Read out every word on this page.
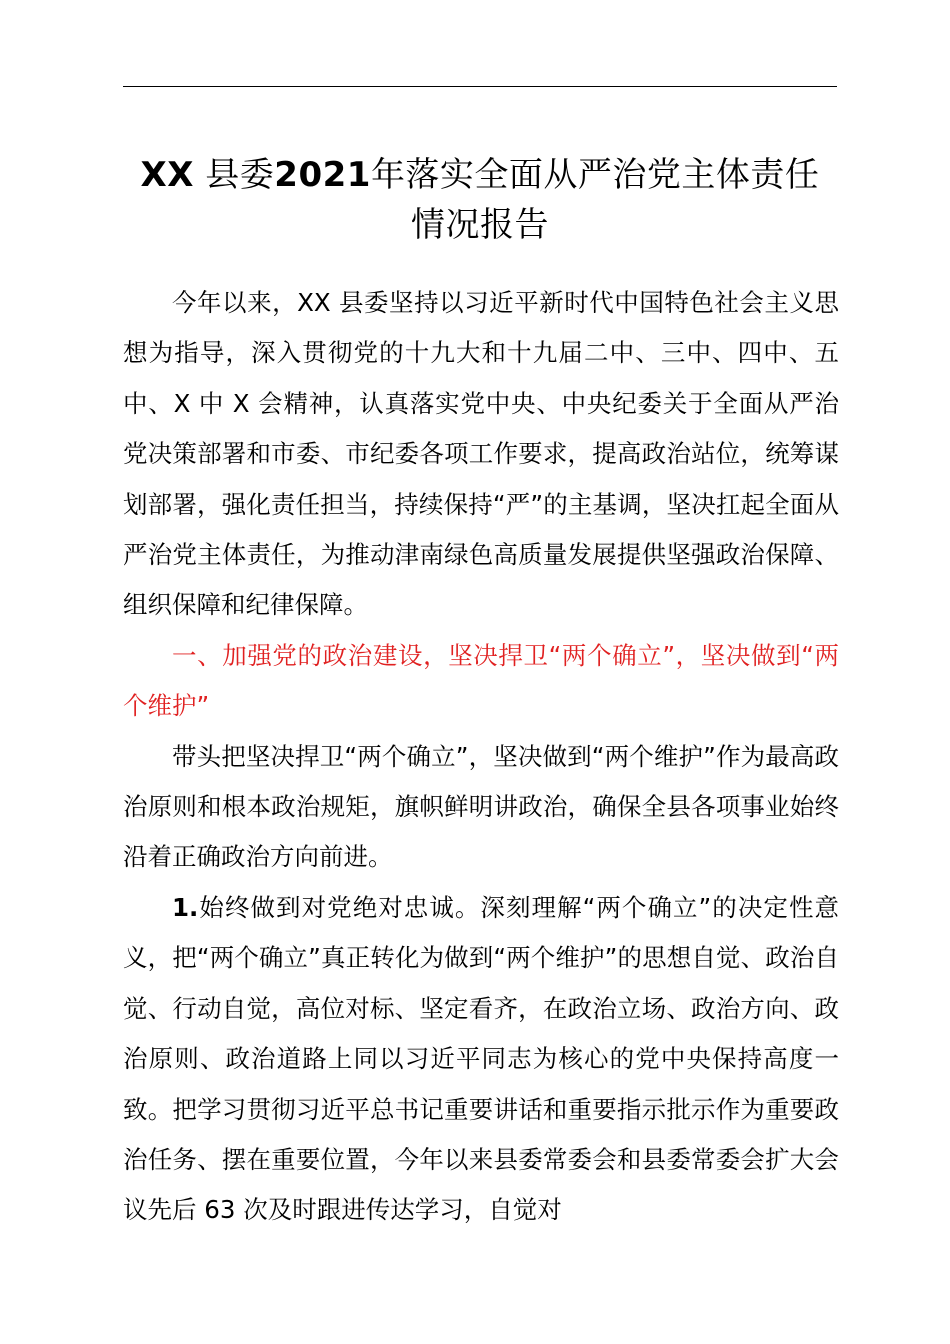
XX 县委2021年落实全面从严治党主体责任
情况报告

今年以来，XX 县委坚持以习近平新时代中国特色社会主义思想为指导，深入贯彻党的十九大和十九届二中、三中、四中、五中、X 中 X 会精神，认真落实党中央、中央纪委关于全面从严治党决策部署和市委、市纪委各项工作要求，提高政治站位，统筹谋划部署，强化责任担当，持续保持“严”的主基调，坚决扛起全面从严治党主体责任，为推动津南绿色高质量发展提供坚强政治保障、组织保障和纪律保障。

一、加强党的政治建设，坚决捍卫“两个确立”，坚决做到“两个维护”

带头把坚决捍卫“两个确立”，坚决做到“两个维护”作为最高政治原则和根本政治规矩，旗帜鲜明讲政治，确保全县各项事业始终沿着正确政治方向前进。

1.始终做到对党绝对忠诚。深刻理解“两个确立”的决定性意义，把“两个确立”真正转化为做到“两个维护”的思想自觉、政治自觉、行动自觉，高位对标、坚定看齐，在政治立场、政治方向、政治原则、政治道路上同以习近平同志为核心的党中央保持高度一致。把学习贯彻习近平总书记重要讲话和重要指示批示作为重要政治任务、摆在重要位置，今年以来县委常委会和县委常委会扩大会议先后 63 次及时跟进传达学习，自觉对
